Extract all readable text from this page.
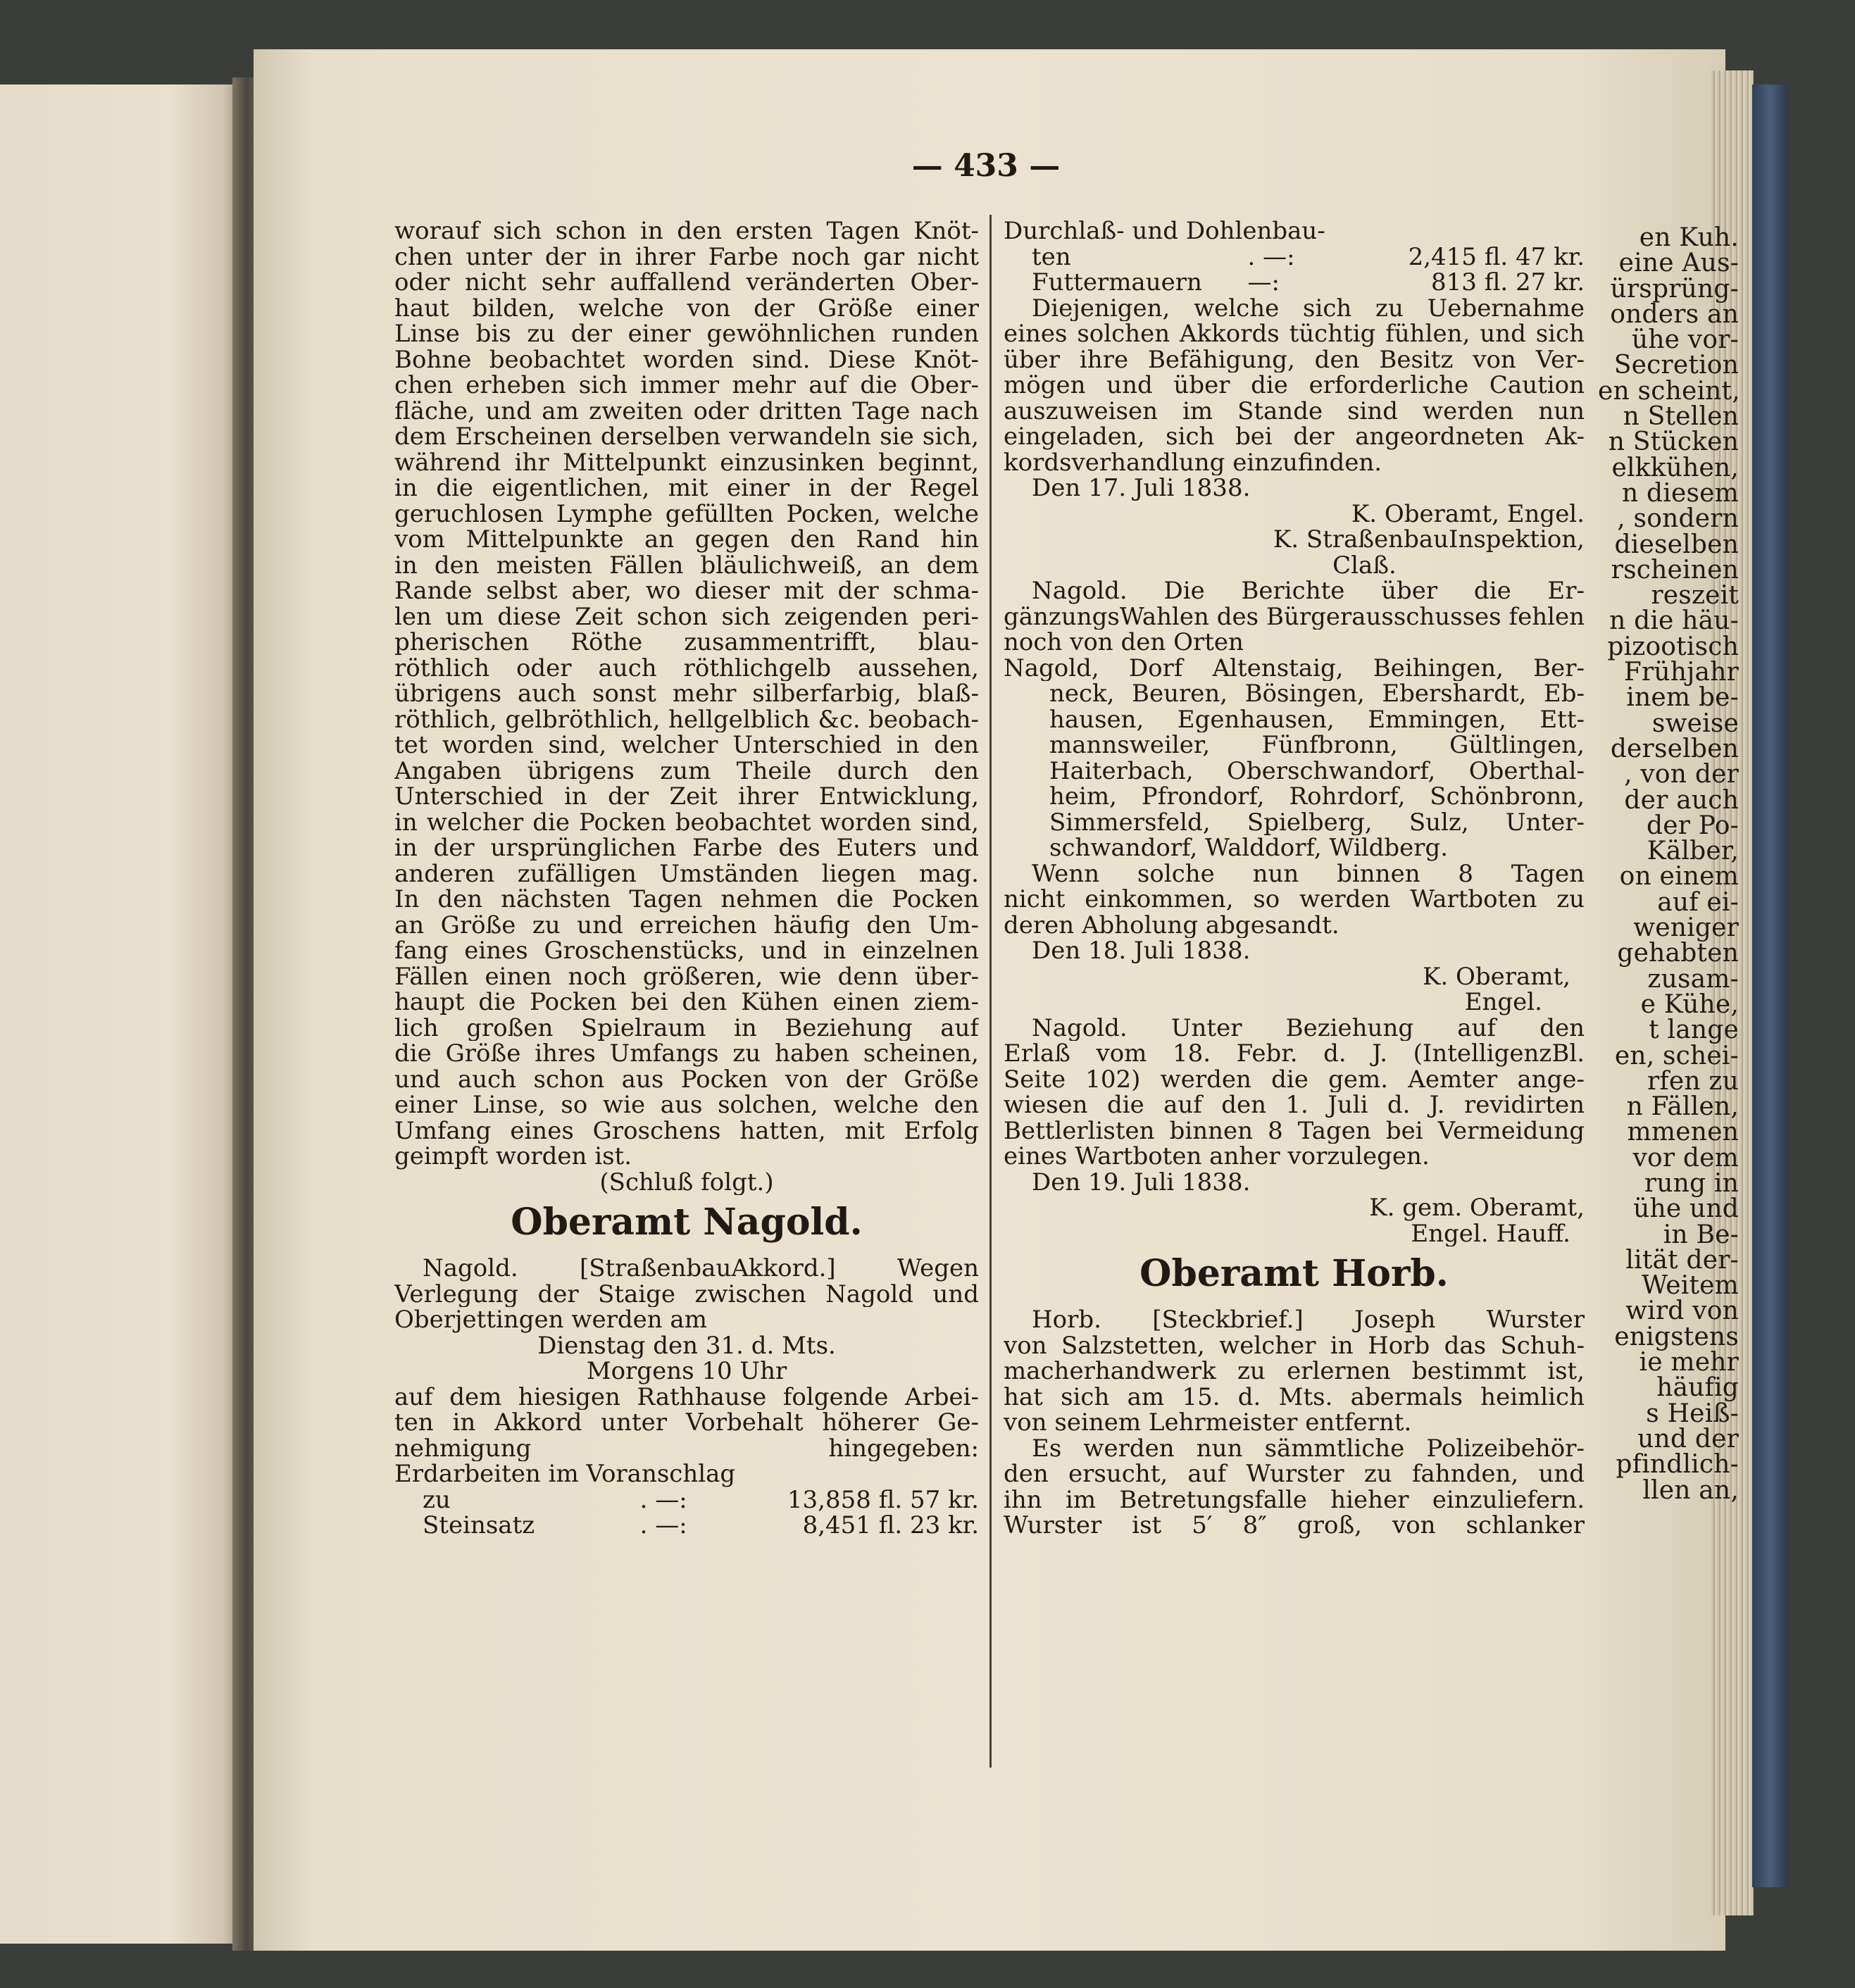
en Kuh.
eine Aus-
ürsprüng-
onders an
ühe vor-
Secretion
en scheint,
n Stellen
n Stücken
elkkühen,
n diesem
, sondern
dieselben
rscheinen
reszeit
n die häu-
pizootisch
Frühjahr
inem be-
sweise
derselben
, von der
der auch
der Po-
Kälber,
on einem
auf ei-
weniger
gehabten
zusam-
e Kühe,
t lange
en, schei-
rfen zu
n Fällen,
mmenen
vor dem
rung in
ühe und
in Be-
lität der-
Weitem
wird von
enigstens
ie mehr
häufig
s Heiß-
und der
pfindlich-
llen an,
— 433 —
worauf sich schon in den ersten Tagen Knöt-
chen unter der in ihrer Farbe noch gar nicht
oder nicht sehr auffallend veränderten Ober-
haut bilden, welche von der Größe einer
Linse bis zu der einer gewöhnlichen runden
Bohne beobachtet worden sind. Diese Knöt-
chen erheben sich immer mehr auf die Ober-
fläche, und am zweiten oder dritten Tage nach
dem Erscheinen derselben verwandeln sie sich,
während ihr Mittelpunkt einzusinken beginnt,
in die eigentlichen, mit einer in der Regel
geruchlosen Lymphe gefüllten Pocken, welche
vom Mittelpunkte an gegen den Rand hin
in den meisten Fällen bläulichweiß, an dem
Rande selbst aber, wo dieser mit der schma-
len um diese Zeit schon sich zeigenden peri-
pherischen Röthe zusammentrifft, blau-
röthlich oder auch röthlichgelb aussehen,
übrigens auch sonst mehr silberfarbig, blaß-
röthlich, gelbröthlich, hellgelblich &c. beobach-
tet worden sind, welcher Unterschied in den
Angaben übrigens zum Theile durch den
Unterschied in der Zeit ihrer Entwicklung,
in welcher die Pocken beobachtet worden sind,
in der ursprünglichen Farbe des Euters und
anderen zufälligen Umständen liegen mag.
In den nächsten Tagen nehmen die Pocken
an Größe zu und erreichen häufig den Um-
fang eines Groschenstücks, und in einzelnen
Fällen einen noch größeren, wie denn über-
haupt die Pocken bei den Kühen einen ziem-
lich großen Spielraum in Beziehung auf
die Größe ihres Umfangs zu haben scheinen,
und auch schon aus Pocken von der Größe
einer Linse, so wie aus solchen, welche den
Umfang eines Groschens hatten, mit Erfolg
geimpft worden ist.
(Schluß folgt.)
Oberamt Nagold.
Nagold. [StraßenbauAkkord.] Wegen
Verlegung der Staige zwischen Nagold und
Oberjettingen werden am
Dienstag den 31. d. Mts.
Morgens 10 Uhr
auf dem hiesigen Rathhause folgende Arbei-
ten in Akkord unter Vorbehalt höherer Ge-
nehmigung hingegeben:
Erdarbeiten im Voranschlag
zu	. —:	13,858 fl. 57 kr.
Steinsatz	. —:	8,451 fl. 23 kr.
Durchlaß- und Dohlenbau-
ten	. —:	2,415 fl. 47 kr.
Futtermauern	—:	813 fl. 27 kr.
Diejenigen, welche sich zu Uebernahme
eines solchen Akkords tüchtig fühlen, und sich
über ihre Befähigung, den Besitz von Ver-
mögen und über die erforderliche Caution
auszuweisen im Stande sind werden nun
eingeladen, sich bei der angeordneten Ak-
kordsverhandlung einzufinden.
Den 17. Juli 1838.
K. Oberamt, Engel.
K. StraßenbauInspektion,
Claß.
Nagold. Die Berichte über die Er-
gänzungsWahlen des Bürgerausschusses fehlen
noch von den Orten
Nagold, Dorf Altenstaig, Beihingen, Ber-
neck, Beuren, Bösingen, Ebershardt, Eb-
hausen, Egenhausen, Emmingen, Ett-
mannsweiler, Fünfbronn, Gültlingen,
Haiterbach, Oberschwandorf, Oberthal-
heim, Pfrondorf, Rohrdorf, Schönbronn,
Simmersfeld, Spielberg, Sulz, Unter-
schwandorf, Walddorf, Wildberg.
Wenn solche nun binnen 8 Tagen
nicht einkommen, so werden Wartboten zu
deren Abholung abgesandt.
Den 18. Juli 1838.
K. Oberamt,
Engel.
Nagold. Unter Beziehung auf den
Erlaß vom 18. Febr. d. J. (IntelligenzBl.
Seite 102) werden die gem. Aemter ange-
wiesen die auf den 1. Juli d. J. revidirten
Bettlerlisten binnen 8 Tagen bei Vermeidung
eines Wartboten anher vorzulegen.
Den 19. Juli 1838.
K. gem. Oberamt,
Engel. Hauff.
Oberamt Horb.
Horb. [Steckbrief.] Joseph Wurster
von Salzstetten, welcher in Horb das Schuh-
macherhandwerk zu erlernen bestimmt ist,
hat sich am 15. d. Mts. abermals heimlich
von seinem Lehrmeister entfernt.
Es werden nun sämmtliche Polizeibehör-
den ersucht, auf Wurster zu fahnden, und
ihn im Betretungsfalle hieher einzuliefern.
Wurster ist 5′ 8″ groß, von schlanker
